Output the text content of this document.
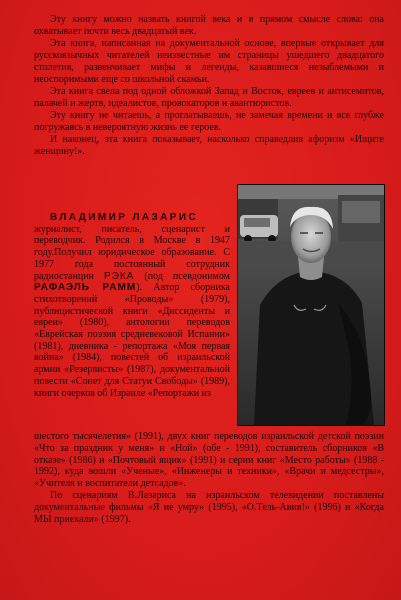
Эту книгу можно назвать книгой века и в прямом смысле слова: она охватывает почти весь двадцатый век.

Эта книга, написанная на документальной основе, впервые открывает для русскоязычных читателей неизвестные им страницы ушедшего двадцатого столетия, развенчивает мифы и легенды, казавшиеся незыблемыми и неоспоримыми еще со школьной скамьи.

Эта книга свела под одной обложкой Запад и Восток, евреев и антисемитов, палачей и жертв, идеалистов, провокаторов и авантюристов.

Эту книгу не читаешь, а проглатываешь, не замечая времени и все глубже погружаясь в невероятную жизнь ее героев.

И наконец, эта книга показывает, насколько справедлив афоризм «Ищите женщину!».

ВЛАДИМИР ЛАЗАРИС
журналист, писатель, сценарист и переводчик. Родился в Москве в 1947 году.Получил юридическое образование. С 1977 года постоянный сотрудник радиостанции РЭКА (под псевдонимом РАФАЭЛЬ РАММ). Автор сборника стихотворений «Проводы» (1979), публицистической книги «Диссиденты и евреи» (1980), антологии переводов «Еврейская поэзия средневековой Испании» (1981), дневника - репортажа «Моя первая война» (1984), повестей об израильской армии «Резервисты» (1987), документальной повести «Сонет для Статуи Свободы» (1989), книги очерков об Израиле «Репортажи из

шестого тысячелетия» (1991), двух книг переводов израильской детской поэзии «Что за праздник у меня» и «Ной» (обе - 1991), составитель сборников «В отказе» (1986) и «Почтовый ящик» (1991) и серии книг «Место работы» (1988 - 1992), куда вошли «Ученые», «Инженеры и техники», «Врачи и медсестры», «Учителя и воспитатели детсадов».

По сценариям В.Лазариса на израильском телевидении поставлены документальные фильмы «Я не умру» (1995), «О.Тель-Авив!» (1996) и «Когда МЫ приехали» (1997).
